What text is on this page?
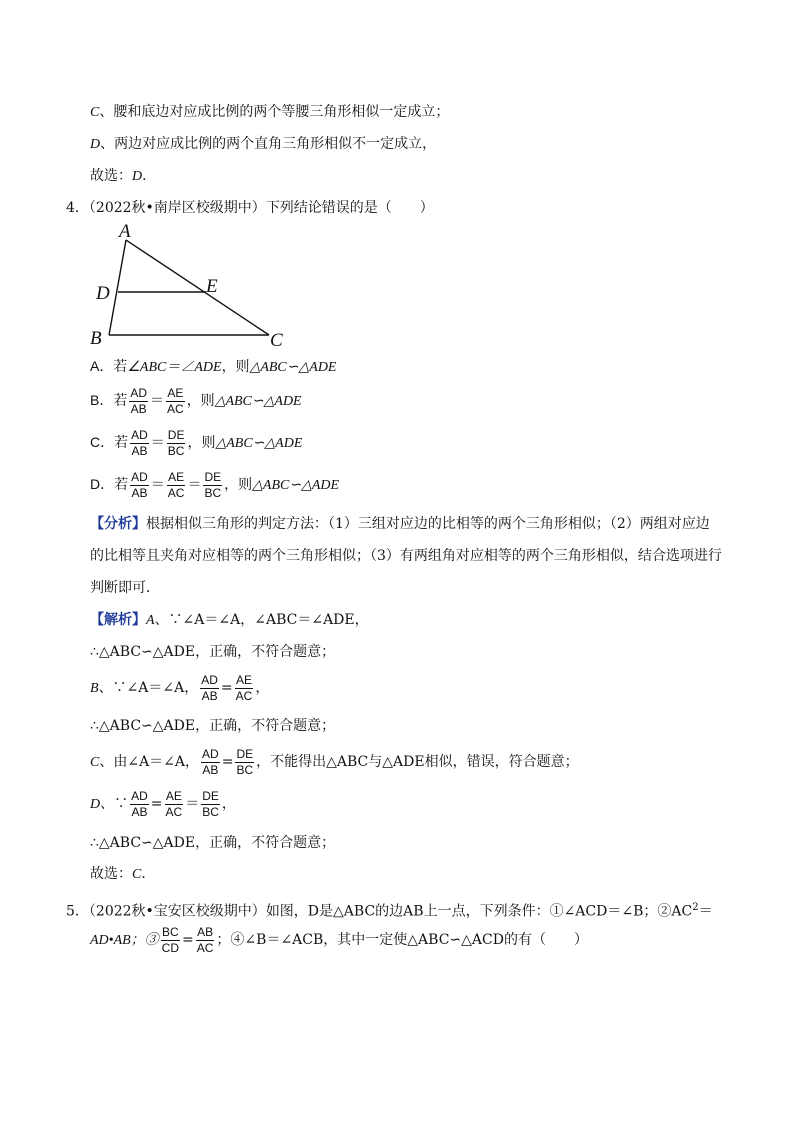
C、腰和底边对应成比例的两个等腰三角形相似一定成立；
D、两边对应成比例的两个直角三角形相似不一定成立，
故选：D．
4．（2022秋•南岸区校级期中）下列结论错误的是（　　）
A
B	C
D	E
A．若∠ABC＝∠ADE，则△ABC∽△ADE
B．若 $\frac{AD}{AB} = \frac{AE}{AC}$ ，则△ABC∽△ADE
C．若 $\frac{AD}{AB} = \frac{DE}{BC}$ ，则△ABC∽△ADE
D．若 $\frac{AD}{AB} = \frac{AE}{AC} = \frac{DE}{BC}$ ，则△ABC∽△ADE
【分析】根据相似三角形的判定方法：（1）三组对应边的比相等的两个三角形相似；（2）两组对应边
的比相等且夹角对应相等的两个三角形相似；（3）有两组角对应相等的两个三角形相似，结合选项进行
判断即可．
【解析】A、∵∠A＝∠A，∠ABC＝∠ADE，
∴△ABC∽△ADE，正确，不符合题意；
B、∵∠A＝∠A， $\frac{AD}{AB} = \frac{AE}{AC}$ ，
∴△ABC∽△ADE，正确，不符合题意；
C、由∠A＝∠A， $\frac{AD}{AB} = \frac{DE}{BC}$ ，不能得出△ABC与△ADE相似，错误，符合题意；
D、∵ $\frac{AD}{AB} = \frac{AE}{AC} = \frac{DE}{BC}$ ，
∴△ABC∽△ADE，正确，不符合题意；
故选：C．
5．（2022秋•宝安区校级期中）如图，D是△ABC的边AB上一点，下列条件：①∠ACD＝∠B；$②AC^2=$
AD•AB；③ $\frac{BC}{CD} = \frac{AB}{AC}$ ；④∠B＝∠ACB，其中一定使△ABC∽△ACD的有（　　）
